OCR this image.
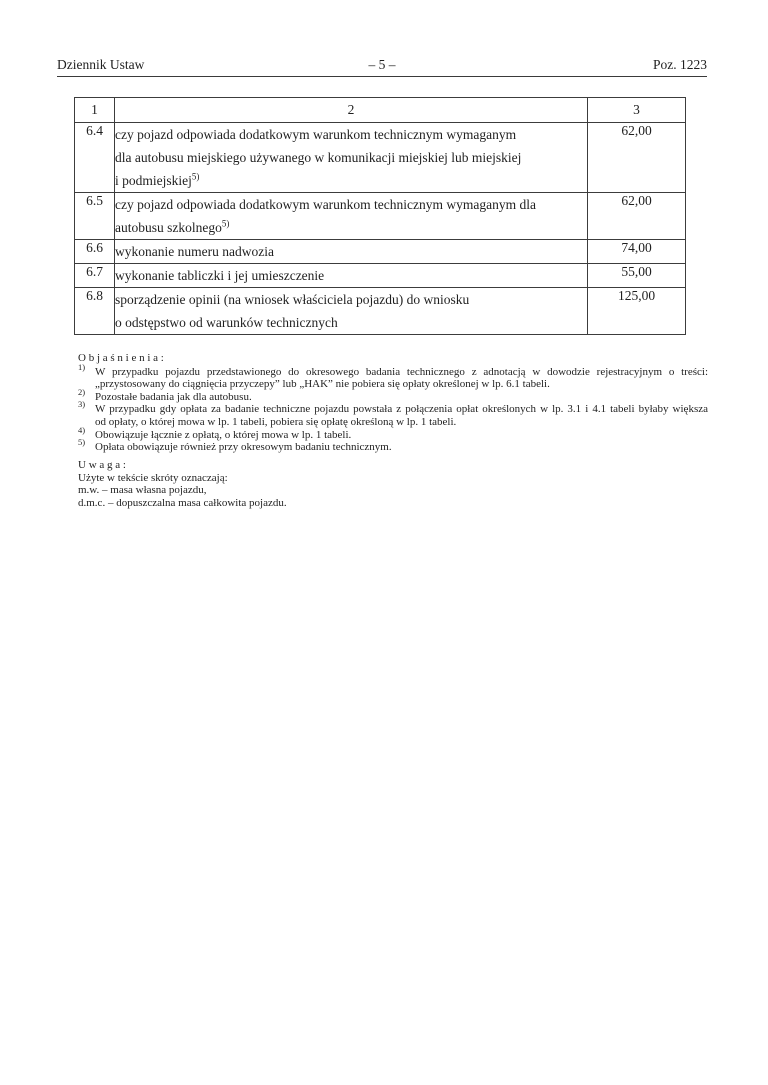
Dziennik Ustaw	– 5 –	Poz. 1223
1	2	3
6.4	czy pojazd odpowiada dodatkowym warunkom technicznym wymaganym
dla autobusu miejskiego używanego w komunikacji miejskiej lub miejskiej
i podmiejskiej$^{5)}$	62,00
6.5	czy pojazd odpowiada dodatkowym warunkom technicznym wymaganym dla
autobusu szkolnego$^{5)}$	62,00
6.6	wykonanie numeru nadwozia	74,00
6.7	wykonanie tabliczki i jej umieszczenie	55,00
6.8	sporządzenie opinii (na wniosek właściciela pojazdu) do wniosku
o odstępstwo od warunków technicznych	125,00
O b j a ś n i e n i a :
1) W przypadku pojazdu przedstawionego do okresowego badania technicznego z adnotacją w dowodzie rejestracyjnym o treści:
„przystosowany do ciągnięcia przyczepy” lub „HAK” nie pobiera się opłaty określonej w lp. 6.1 tabeli.
2) Pozostałe badania jak dla autobusu.
3) W przypadku gdy opłata za badanie techniczne pojazdu powstała z połączenia opłat określonych w lp. 3.1 i 4.1 tabeli byłaby większa
od opłaty, o której mowa w lp. 1 tabeli, pobiera się opłatę określoną w lp. 1 tabeli.
4) Obowiązuje łącznie z opłatą, o której mowa w lp. 1 tabeli.
5) Opłata obowiązuje również przy okresowym badaniu technicznym.
U w a g a :
Użyte w tekście skróty oznaczają:
m.w. – masa własna pojazdu,
d.m.c. – dopuszczalna masa całkowita pojazdu.
